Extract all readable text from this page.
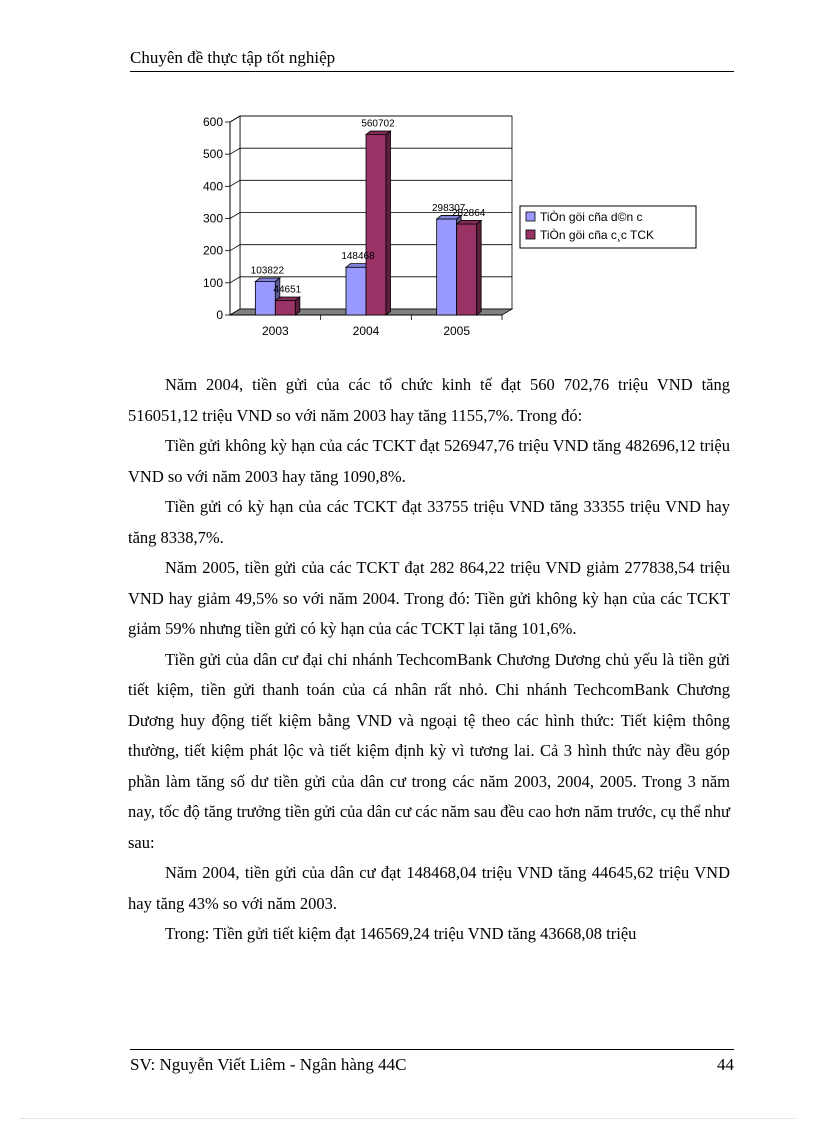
Chuyên đề thực tập tốt nghiệp
103822
44651
148468
560702
298307
282864
0
100
200
300
400
500
600
2003	2004	2005
TiÒn göi cña d©n c
TiÒn göi cña c¸c TCK

Năm 2004, tiền gửi của các tổ chức kinh tế đạt 560 702,76 triệu VND tăng 516051,12 triệu VND so với năm 2003 hay tăng 1155,7%. Trong đó:

Tiền gửi không kỳ hạn của các TCKT đạt 526947,76 triệu VND tăng 482696,12 triệu VND so với năm 2003 hay tăng 1090,8%.

Tiền gửi có kỳ hạn của các TCKT đạt 33755 triệu VND tăng 33355 triệu VND hay tăng 8338,7%.

Năm 2005, tiền gửi của các TCKT đạt 282 864,22 triệu VND giảm 277838,54 triệu VND hay giảm 49,5% so với năm 2004. Trong đó: Tiền gửi không kỳ hạn của các TCKT giảm 59% nhưng tiền gửi có kỳ hạn của các TCKT lại tăng 101,6%.

Tiền gửi của dân cư đại chi nhánh TechcomBank Chương Dương chủ yếu là tiền gửi tiết kiệm, tiền gửi thanh toán của cá nhân rất nhỏ. Chi nhánh TechcomBank Chương Dương huy động tiết kiệm bằng VND và ngoại tệ theo các hình thức: Tiết kiệm thông thường, tiết kiệm phát lộc và tiết kiệm định kỳ vì tương lai. Cả 3 hình thức này đều góp phần làm tăng số dư tiền gửi của dân cư trong các năm 2003, 2004, 2005. Trong 3 năm nay, tốc độ tăng trưởng tiền gửi của dân cư các năm sau đều cao hơn năm trước, cụ thể như sau:

Năm 2004, tiền gửi của dân cư đạt 148468,04 triệu VND tăng 44645,62 triệu VND hay tăng 43% so với năm 2003.

Trong: Tiền gửi tiết kiệm đạt 146569,24 triệu VND tăng 43668,08 triệu

SV: Nguyễn Viết Liêm - Ngân hàng 44C	44
